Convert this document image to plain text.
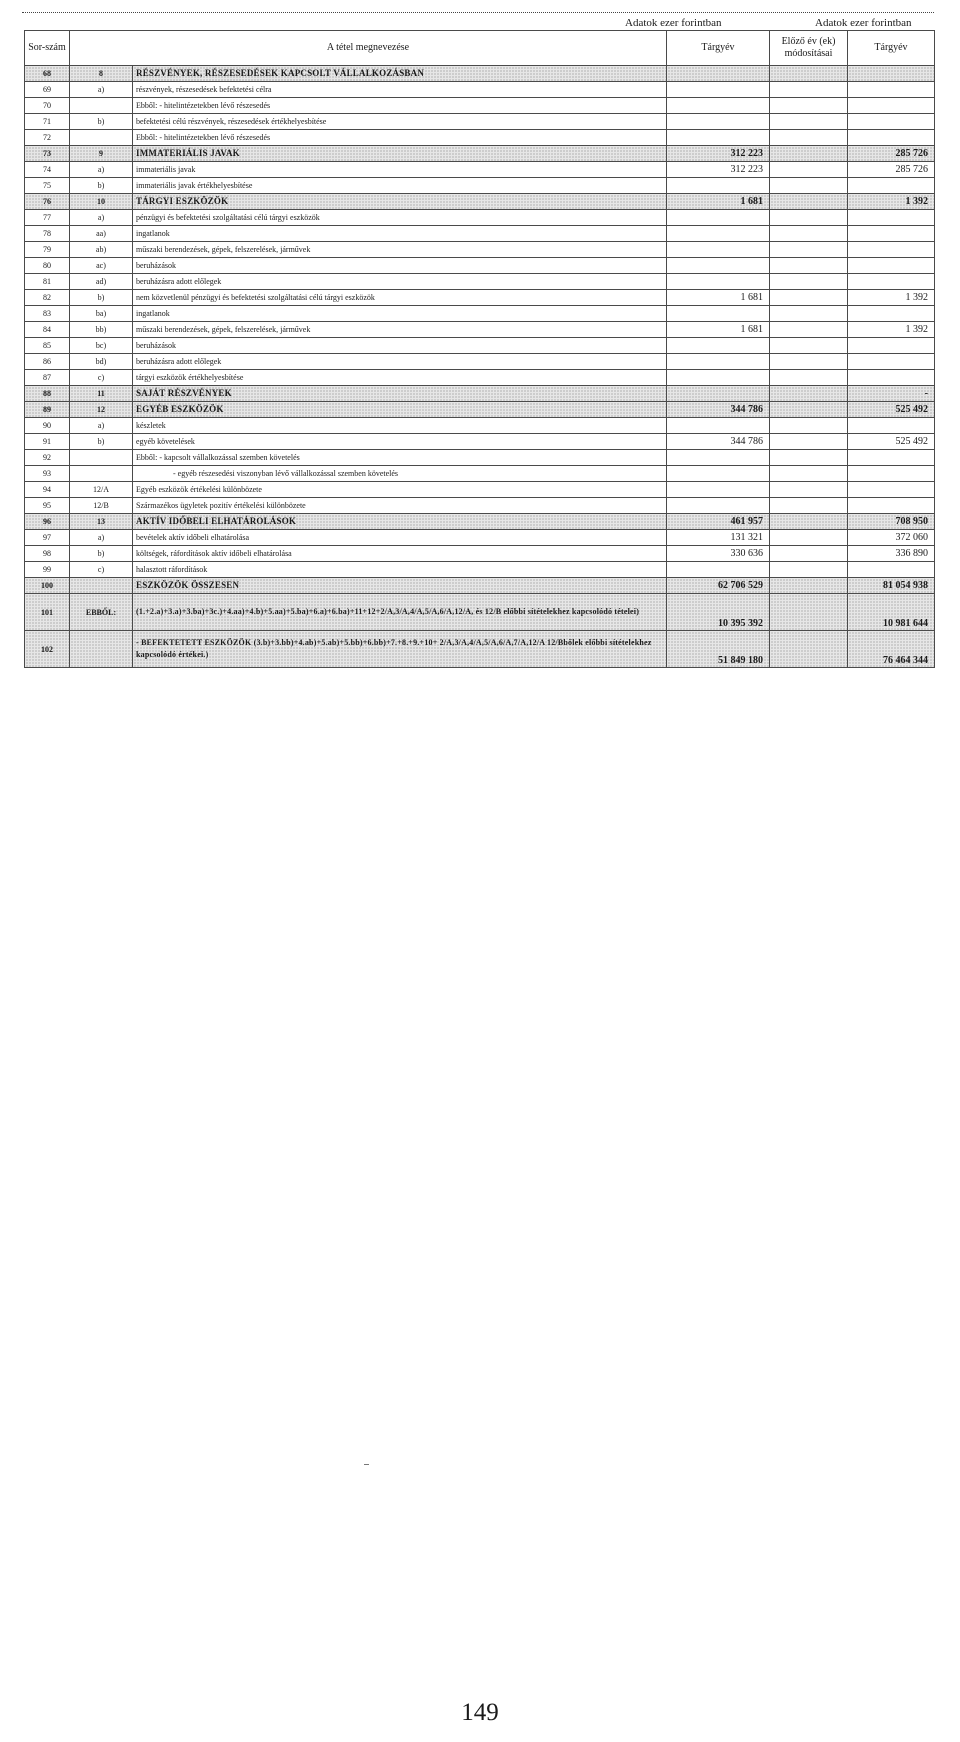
Adatok ezer forintban	Adatok ezer forintban
Sor-szám	A tétel megnevezése		Tárgyév	Előző év (ek) módosításai	Tárgyév
68	8	RÉSZVÉNYEK, RÉSZESEDÉSEK KAPCSOLT VÁLLALKOZÁSBAN			
69	a)	részvények, részesedések befektetési célra			
70		Ebből: - hitelintézetekben lévő részesedés			
71	b)	befektetési célú részvények, részesedések értékhelyesbítése			
72		Ebből: - hitelintézetekben lévő részesedés			
73	9	IMMATERIÁLIS JAVAK	312 223		285 726
74	a)	immateriális javak	312 223		285 726
75	b)	immateriális javak értékhelyesbítése			
76	10	TÁRGYI ESZKÖZÖK	1 681		1 392
77	a)	pénzügyi és befektetési szolgáltatási célú tárgyi eszközök			
78	aa)	ingatlanok			
79	ab)	műszaki berendezések, gépek, felszerelések, járművek			
80	ac)	beruházások			
81	ad)	beruházásra adott előlegek			
82	b)	nem közvetlenül pénzügyi és befektetési szolgáltatási célú tárgyi eszközök	1 681		1 392
83	ba)	ingatlanok			
84	bb)	műszaki berendezések, gépek, felszerelések, járművek	1 681		1 392
85	bc)	beruházások			
86	bd)	beruházásra adott előlegek			
87	c)	tárgyi eszközök értékhelyesbítése			
88	11	SAJÁT RÉSZVÉNYEK			-
89	12	EGYÉB ESZKÖZÖK	344 786		525 492
90	a)	készletek			
91	b)	egyéb követelések	344 786		525 492
92		Ebből: - kapcsolt vállalkozással szemben követelés			
93		- egyéb részesedési viszonyban lévő vállalkozással szemben követelés			
94	12/A	Egyéb eszközök értékelési különbözete			
95	12/B	Származékos ügyletek pozitív értékelési különbözete			
96	13	AKTÍV IDŐBELI ELHATÁROLÁSOK	461 957		708 950
97	a)	bevételek aktív időbeli elhatárolása	131 321		372 060
98	b)	költségek, ráfordítások aktív időbeli elhatárolása	330 636		336 890
99	c)	halasztott ráfordítások			
100		ESZKÖZÖK ÖSSZESEN	62 706 529		81 054 938
101	EBBŐL:	(1.+2.a)+3.a)+3.ba)+3c.)+4.aa)+4.b)+5.aa)+5.ba)+6.a)+6.ba)+11+12+2/A,3/A,4/A,5/A,6/A,12/A, és 12/B előbbi sítételekhez kapcsolódó tételei)	10 395 392		10 981 644
102		- BEFEKTETETT ESZKÖZÖK (3.b)+3.bb)+4.ab)+5.ab)+5.bb)+6.bb)+7.+8.+9.+10+ 2/A,3/A,4/A,5/A,6/A,7/A,12/A 12/Bbőlek előbbi sítételekhez kapcsolódó értékei.)	51 849 180		76 464 344
149
